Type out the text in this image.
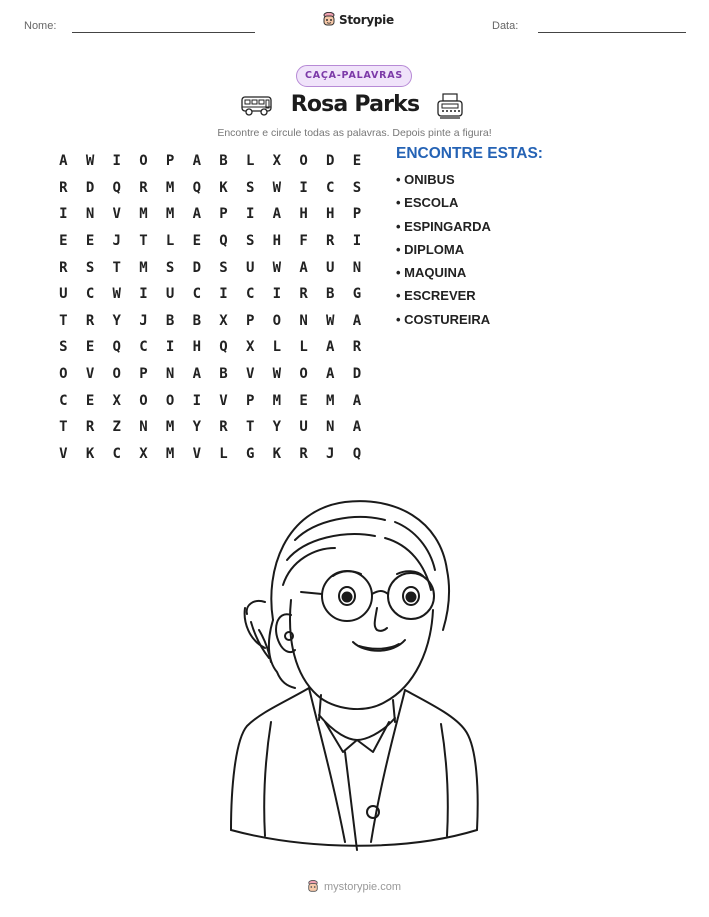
Nome:	Storypie	Data:
CAÇA-PALAVRAS
Rosa Parks
Encontre e circule todas as palavras. Depois pinte a figura!
A	W	I	O	P	A	B	L	X	O	D	E
R	D	Q	R	M	Q	K	S	W	I	C	S
I	N	V	M	M	A	P	I	A	H	H	P
E	E	J	T	L	E	Q	S	H	F	R	I
R	S	T	M	S	D	S	U	W	A	U	N
U	C	W	I	U	C	I	C	I	R	B	G
T	R	Y	J	B	B	X	P	O	N	W	A
S	E	Q	C	I	H	Q	X	L	L	A	R
O	V	O	P	N	A	B	V	W	O	A	D
C	E	X	O	O	I	V	P	M	E	M	A
T	R	Z	N	M	Y	R	T	Y	U	N	A
V	K	C	X	M	V	L	G	K	R	J	Q
ENCONTRE ESTAS:
• ONIBUS
• ESCOLA
• ESPINGARDA
• DIPLOMA
• MAQUINA
• ESCREVER
• COSTUREIRA
mystorypie.com
